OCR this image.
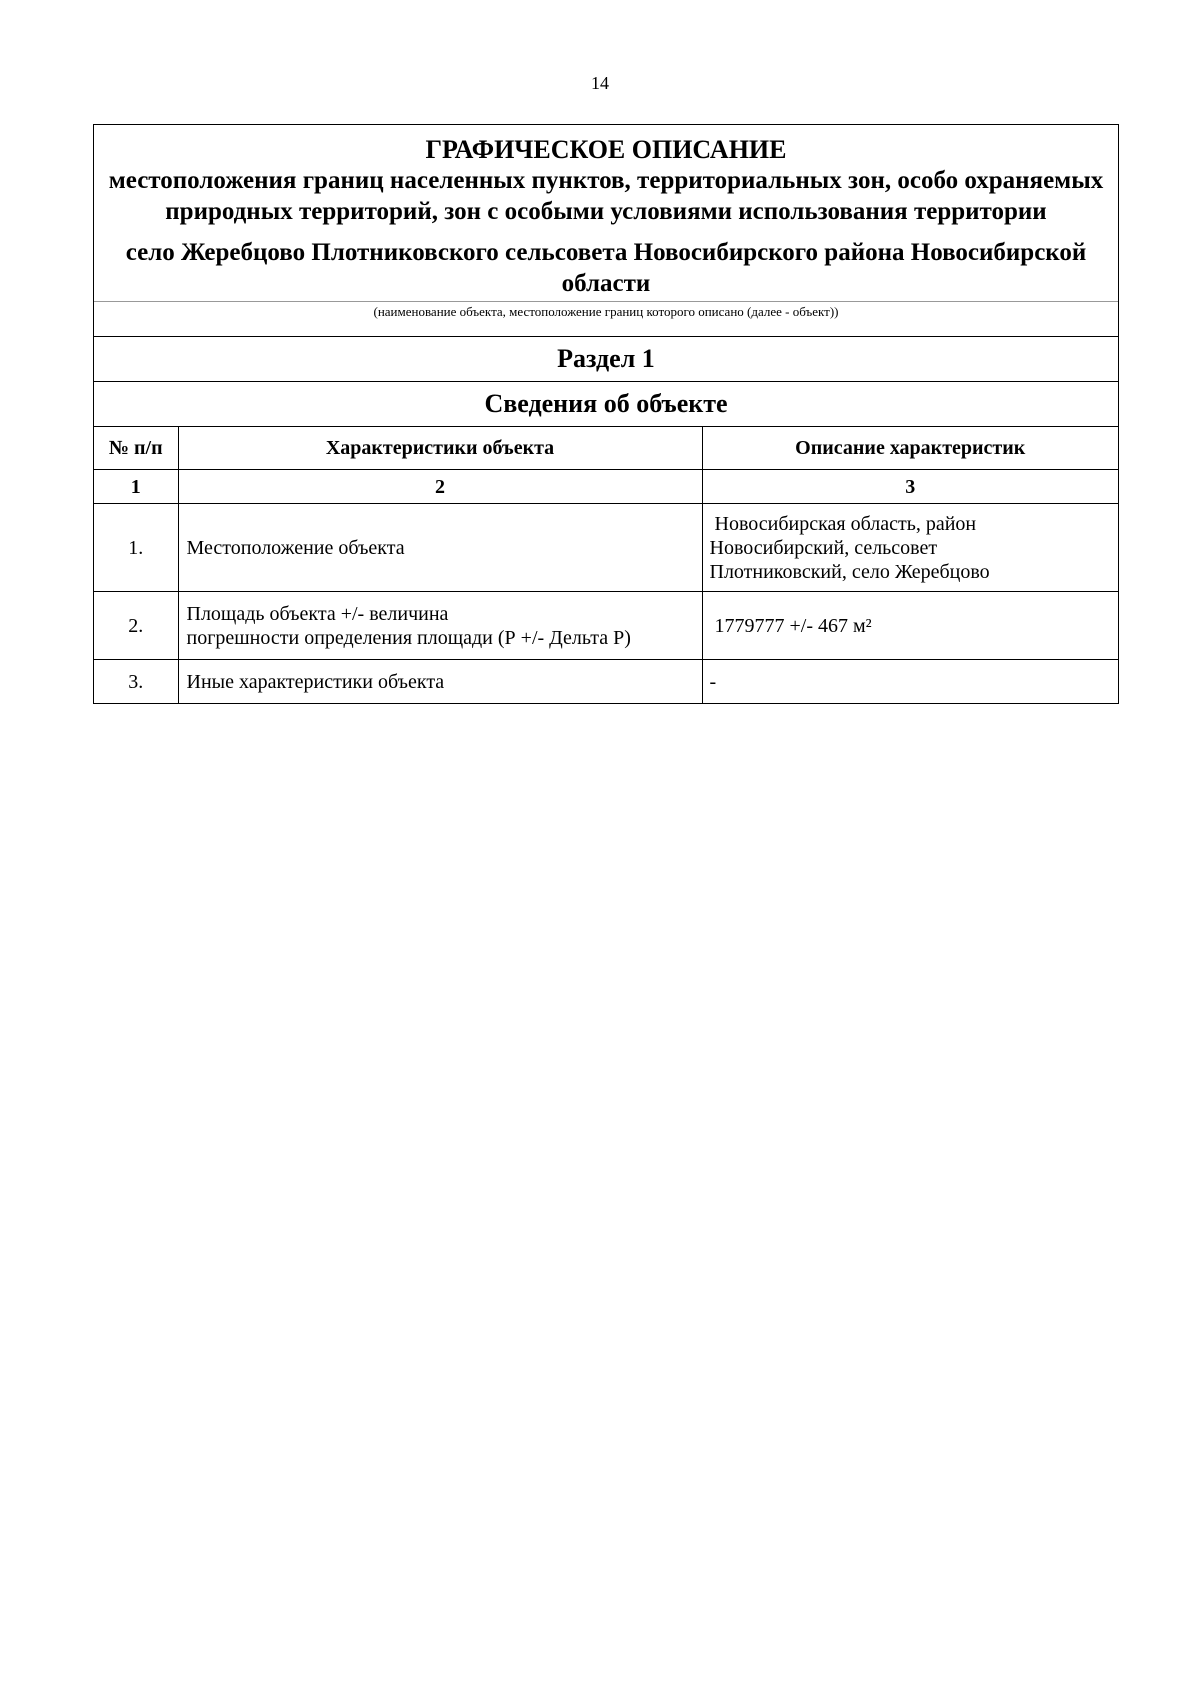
14
ГРАФИЧЕСКОЕ ОПИСАНИЕ
местоположения границ населенных пунктов, территориальных зон, особо охраняемых природных территорий, зон с особыми условиями использования территории
село Жеребцово Плотниковского сельсовета Новосибирского района Новосибирской области
(наименование объекта, местоположение границ которого описано (далее - объект))
Раздел 1
Сведения об объекте
№ п/п	Характеристики объекта	Описание характеристик
1	2	3
1.	Местоположение объекта	Новосибирская область, район
Новосибирский, сельсовет
Плотниковский, село Жеребцово

2.	Площадь объекта +/- величина
погрешности определения площади (Р +/- Дельта Р)	1779777 +/- 467 м²

3.	Иные характеристики объекта	-
